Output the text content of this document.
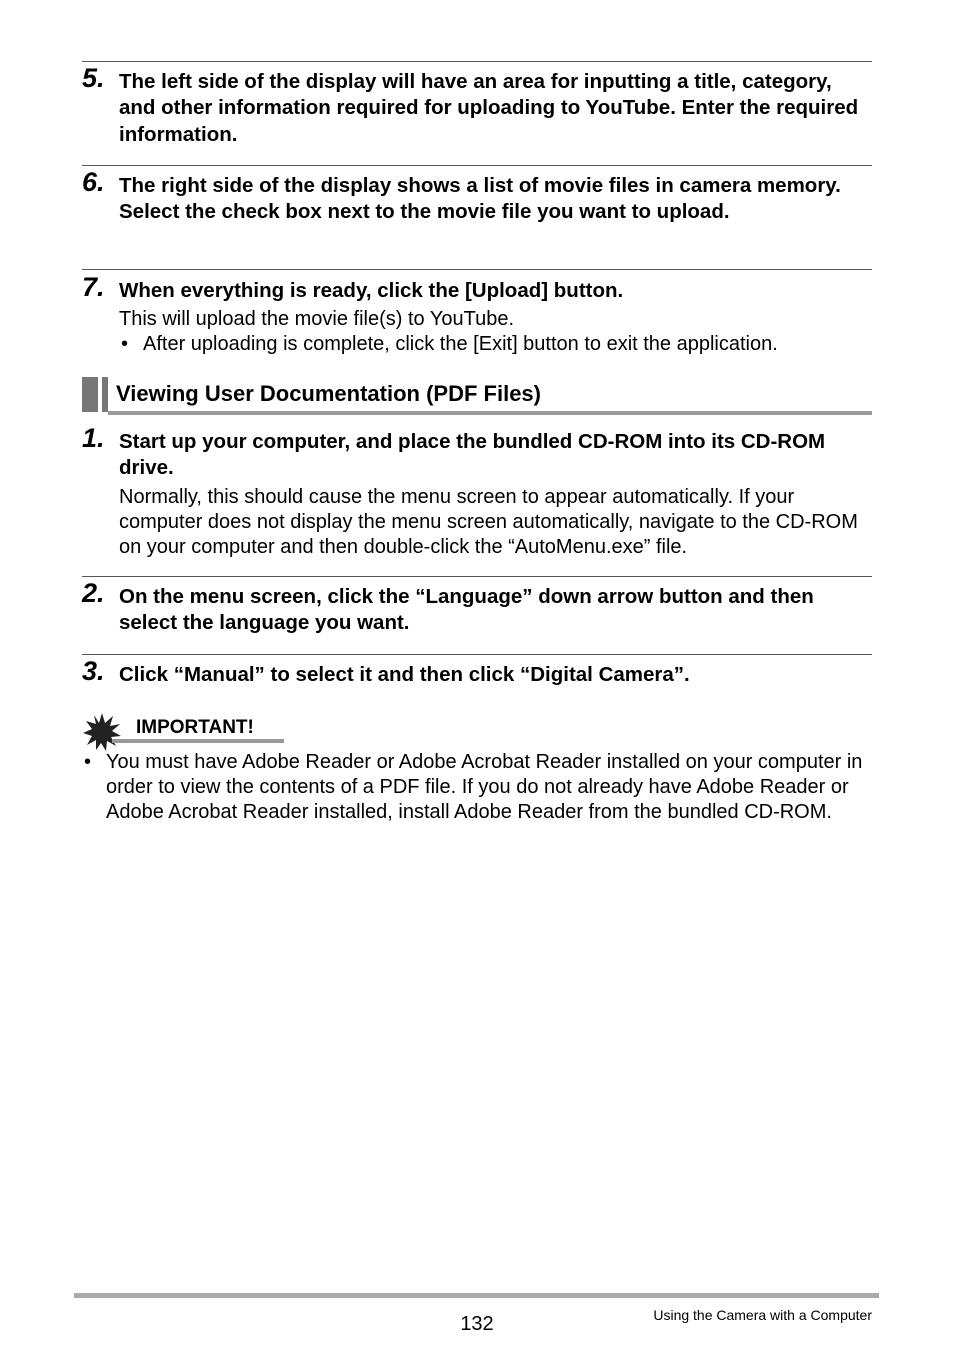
5. The left side of the display will have an area for inputting a title, category, and other information required for uploading to YouTube. Enter the required information.
6. The right side of the display shows a list of movie files in camera memory. Select the check box next to the movie file you want to upload.
7. When everything is ready, click the [Upload] button.
This will upload the movie file(s) to YouTube.
• After uploading is complete, click the [Exit] button to exit the application.
Viewing User Documentation (PDF Files)
1. Start up your computer, and place the bundled CD-ROM into its CD-ROM drive.
Normally, this should cause the menu screen to appear automatically. If your computer does not display the menu screen automatically, navigate to the CD-ROM on your computer and then double-click the “AutoMenu.exe” file.
2. On the menu screen, click the “Language” down arrow button and then select the language you want.
3. Click “Manual” to select it and then click “Digital Camera”.
IMPORTANT!
• You must have Adobe Reader or Adobe Acrobat Reader installed on your computer in order to view the contents of a PDF file. If you do not already have Adobe Reader or Adobe Acrobat Reader installed, install Adobe Reader from the bundled CD-ROM.
132	Using the Camera with a Computer
